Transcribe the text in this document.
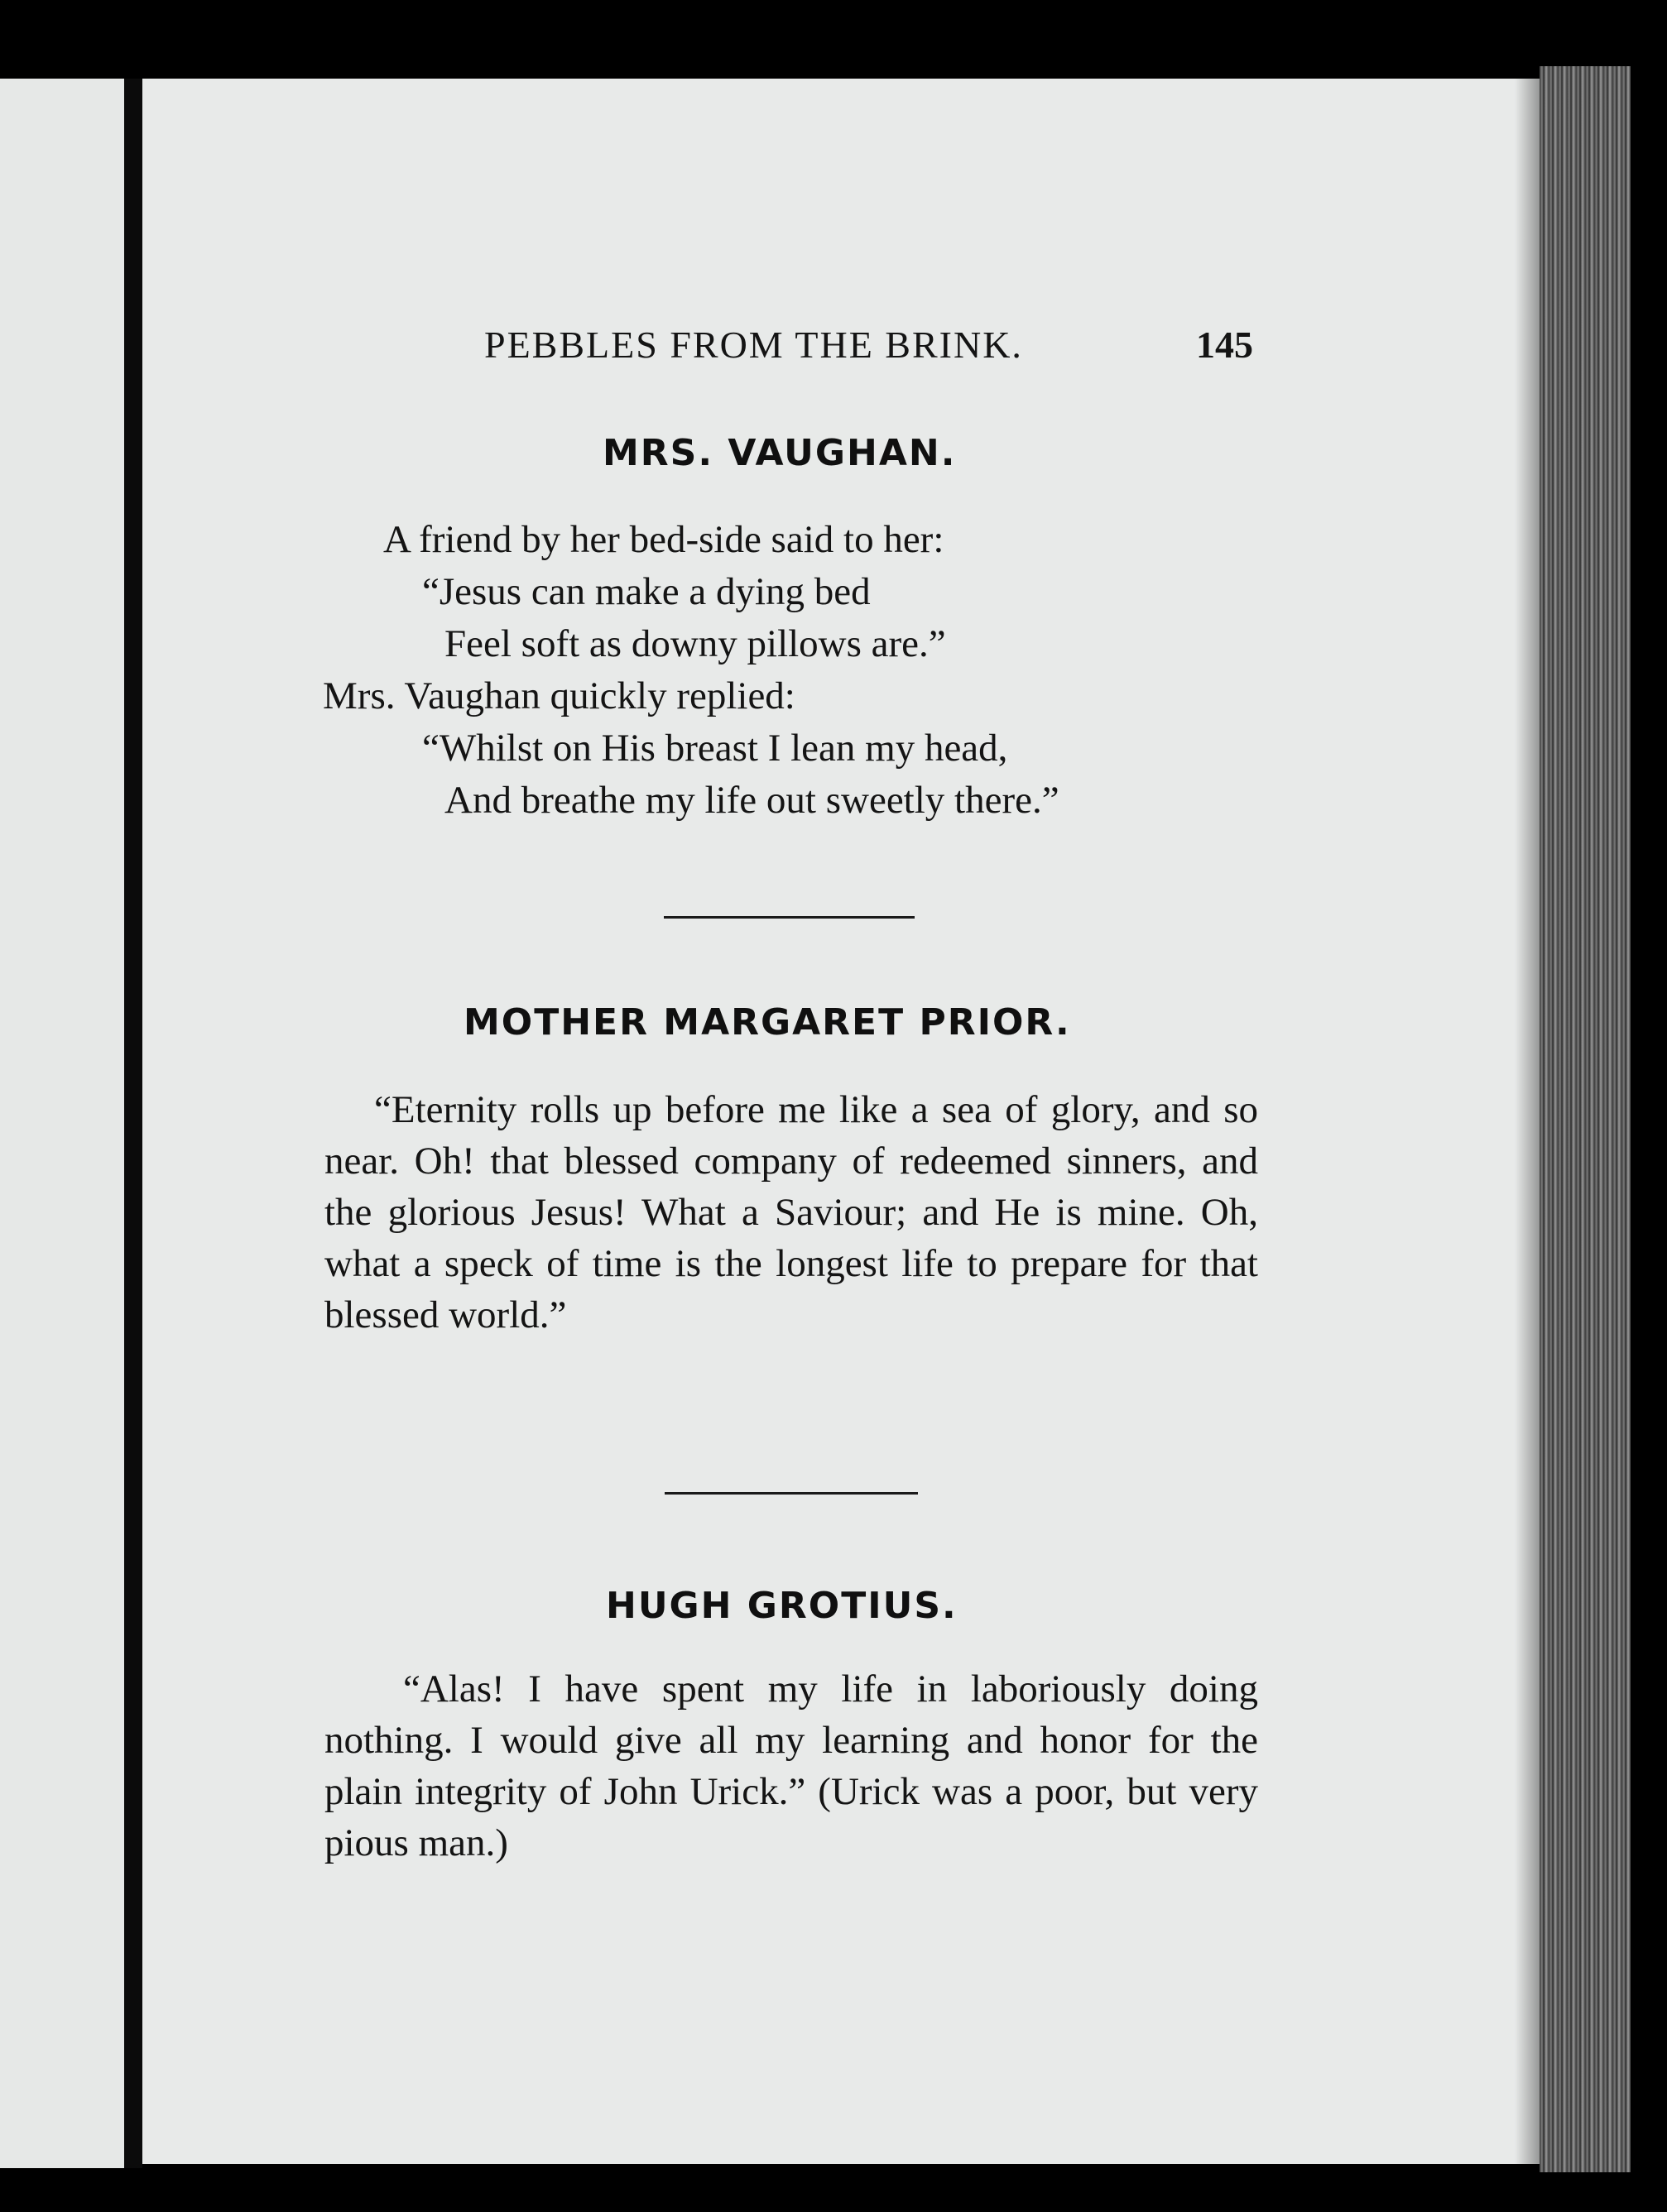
PEBBLES FROM THE BRINK.	145
MRS. VAUGHAN.
A friend by her bed-side said to her:
“Jesus can make a dying bed
Feel soft as downy pillows are.”
Mrs. Vaughan quickly replied:
“Whilst on His breast I lean my head,
And breathe my life out sweetly there.”
MOTHER MARGARET PRIOR.
“Eternity rolls up before me like a sea of glory, and so near. Oh! that blessed company of redeemed sinners, and the glorious Jesus! What a Saviour; and He is mine. Oh, what a speck of time is the longest life to prepare for that blessed world.”
HUGH GROTIUS.
“Alas! I have spent my life in laboriously doing nothing. I would give all my learning and honor for the plain integrity of John Urick.” (Urick was a poor, but very pious man.)
